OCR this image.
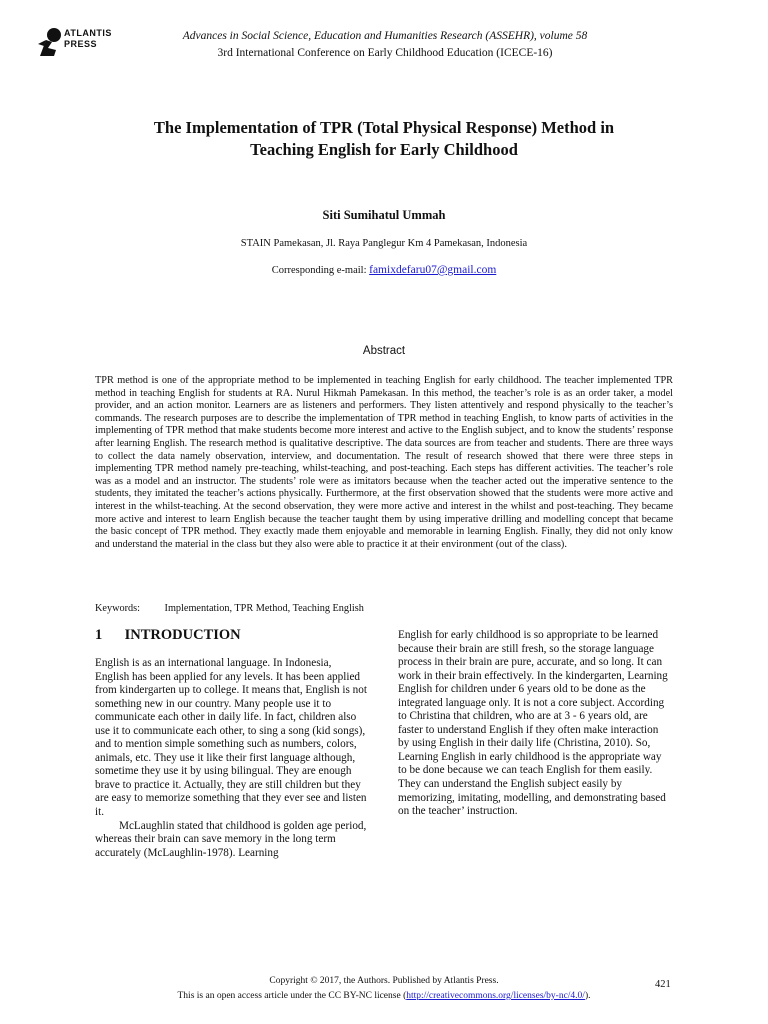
ATLANTIS
PRESS
Advances in Social Science, Education and Humanities Research (ASSEHR), volume 58
3rd International Conference on Early Childhood Education (ICECE-16)
The Implementation of TPR (Total Physical Response) Method in
Teaching English for Early Childhood
Siti Sumihatul Ummah
STAIN Pamekasan, Jl. Raya Panglegur Km 4 Pamekasan, Indonesia
Corresponding e-mail: famixdefaru07@gmail.com
Abstract
TPR method is one of the appropriate method to be implemented in teaching English for early childhood. The teacher implemented TPR method in teaching English for students at RA. Nurul Hikmah Pamekasan. In this method, the teacher’s role is as an order taker, a model provider, and an action monitor. Learners are as listeners and performers. They listen attentively and respond physically to the teacher’s commands. The research purposes are to describe the implementation of TPR method in teaching English, to know parts of activities in the implementing of TPR method that make students become more interest and active to the English subject, and to know the students’ response after learning English. The research method is qualitative descriptive. The data sources are from teacher and students. There are three ways to collect the data namely observation, interview, and documentation. The result of research showed that there were three steps in implementing TPR method namely pre-teaching, whilst-teaching, and post-teaching. Each steps has different activities. The teacher’s role was as a model and an instructor. The students’ role were as imitators because when the teacher acted out the imperative sentence to the students, they imitated the teacher’s actions physically. Furthermore, at the first observation showed that the students were more active and interest in the whilst-teaching. At the second observation, they were more active and interest in the whilst and post-teaching. They became more active and interest to learn English because the teacher taught them by using imperative drilling and modelling concept that became the basic concept of TPR method. They exactly made them enjoyable and memorable in learning English. Finally, they did not only know and understand the material in the class but they also were able to practice it at their environment (out of the class).
Keywords: Implementation, TPR Method, Teaching English
1 INTRODUCTION

English is as an international language. In Indonesia, English has been applied for any levels. It has been applied from kindergarten up to college. It means that, English is not something new in our country. Many people use it to communicate each other in daily life. In fact, children also use it to communicate each other, to sing a song (kid songs), and to mention simple something such as numbers, colors, animals, etc. They use it like their first language although, sometime they use it by using bilingual. They are enough brave to practice it. Actually, they are still children but they are easy to memorize something that they ever see and listen it.

McLaughlin stated that childhood is golden age period, whereas their brain can save memory in the long term accurately (McLaughlin-1978). Learning

English for early childhood is so appropriate to be learned because their brain are still fresh, so the storage language process in their brain are pure, accurate, and so long. It can work in their brain effectively. In the kindergarten, Learning English for children under 6 years old to be done as the integrated language only. It is not a core subject. According to Christina that children, who are at 3 - 6 years old, are faster to understand English if they often make interaction by using English in their daily life (Christina, 2010). So, Learning English in early childhood is the appropriate way to be done because we can teach English for them easily. They can understand the English subject easily by memorizing, imitating, modelling, and demonstrating based on the teacher’ instruction.

Copyright © 2017, the Authors. Published by Atlantis Press.
This is an open access article under the CC BY-NC license (http://creativecommons.org/licenses/by-nc/4.0/).
421
